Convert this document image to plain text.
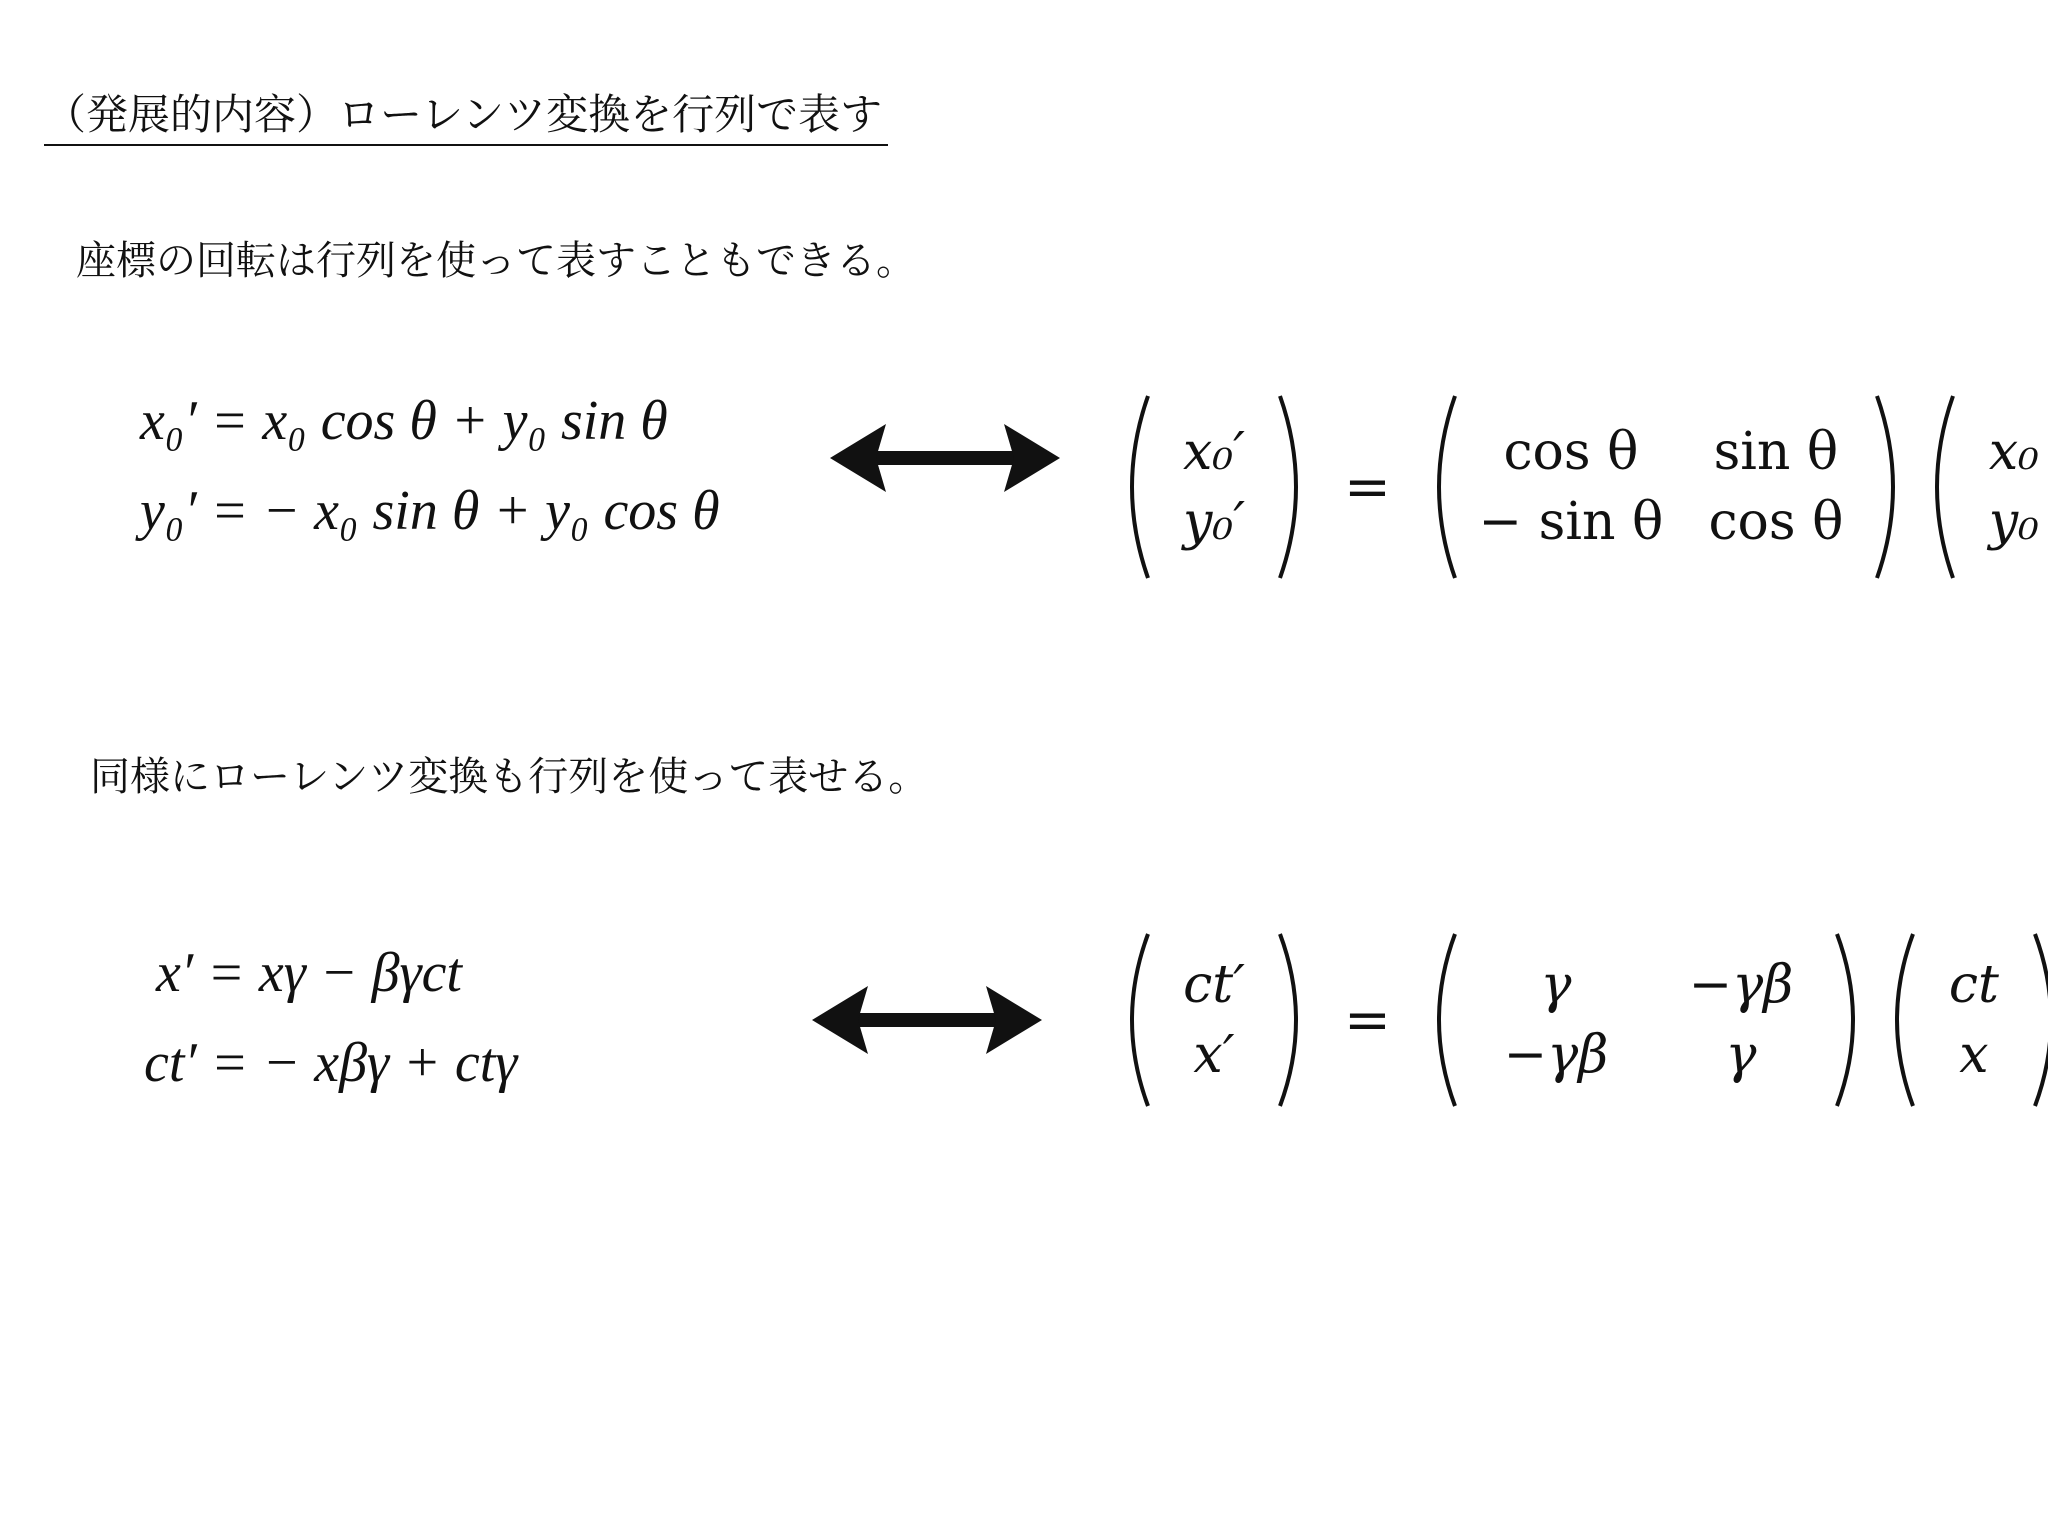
（発展的内容）ローレンツ変換を行列で表す
座標の回転は行列を使って表すこともできる。
x₀′ = x₀ cos θ + y₀ sin θ
y₀′ = − x₀ sin θ + y₀ cos θ
x₀′
y₀′
=
cos θ	sin θ
− sin θ cos θ
x₀
y₀
同様にローレンツ変換も行列を使って表せる。
x′ = xγ − βγct
ct′ = − xβγ + ctγ
ct′
x′
=
γ	−γβ
−γβ	γ
ct
x
